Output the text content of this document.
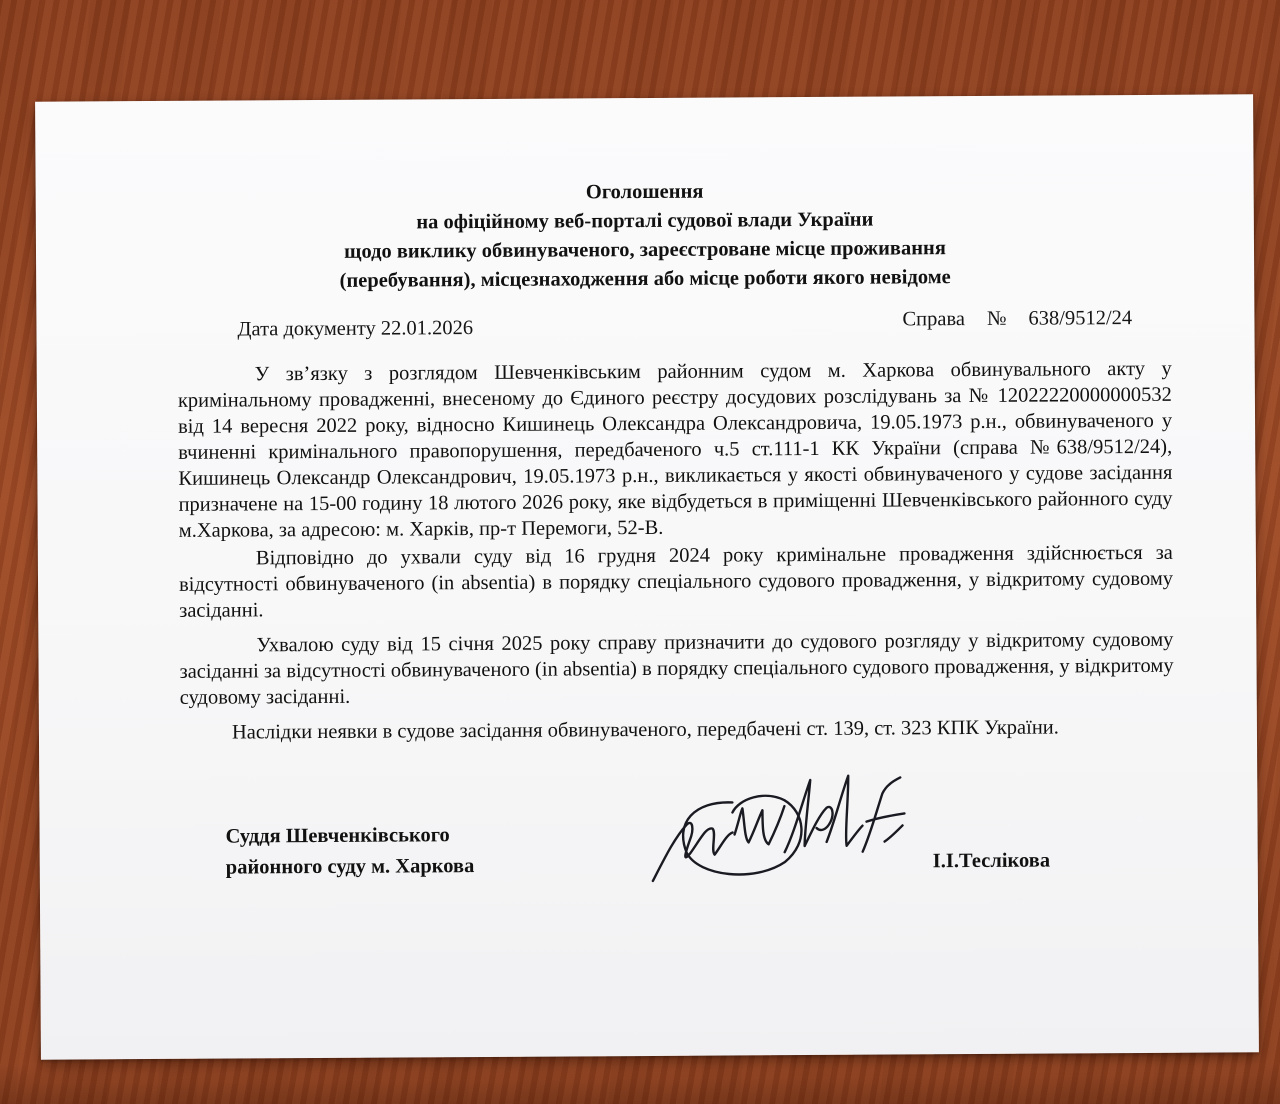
Оголошення
на офіційному веб-порталі судової влади України
щодо виклику обвинуваченого, зареєстроване місце проживання
(перебування), місцезнаходження або місце роботи якого невідоме
Дата документу 22.01.2026	Справа № 638/9512/24

У зв’язку з розглядом Шевченківським районним судом м. Харкова обвинувального акту у кримінальному провадженні, внесеному до Єдиного реєстру досудових розслідувань за № 12022220000000532 від 14 вересня 2022 року, відносно Кишинець Олександра Олександровича, 19.05.1973 р.н., обвинуваченого у вчиненні кримінального правопорушення, передбаченого ч.5 ст.111-1 КК України (справа №638/9512/24), Кишинець Олександр Олександрович, 19.05.1973 р.н., викликається у якості обвинуваченого у судове засідання призначене на 15-00 годину 18 лютого 2026 року, яке відбудеться в приміщенні Шевченківського районного суду м.Харкова, за адресою: м. Харків, пр-т Перемоги, 52-В.

Відповідно до ухвали суду від 16 грудня 2024 року кримінальне провадження здійснюється за відсутності обвинуваченого (in absentia) в порядку спеціального судового провадження, у відкритому судовому засіданні.

Ухвалою суду від 15 січня 2025 року справу призначити до судового розгляду у відкритому судовому засіданні за відсутності обвинуваченого (in absentia) в порядку спеціального судового провадження, у відкритому судовому засіданні.

Наслідки неявки в судове засідання обвинуваченого, передбачені ст. 139, ст. 323 КПК України.

Суддя Шевченківського
районного суду м. Харкова	І.І.Теслікова
